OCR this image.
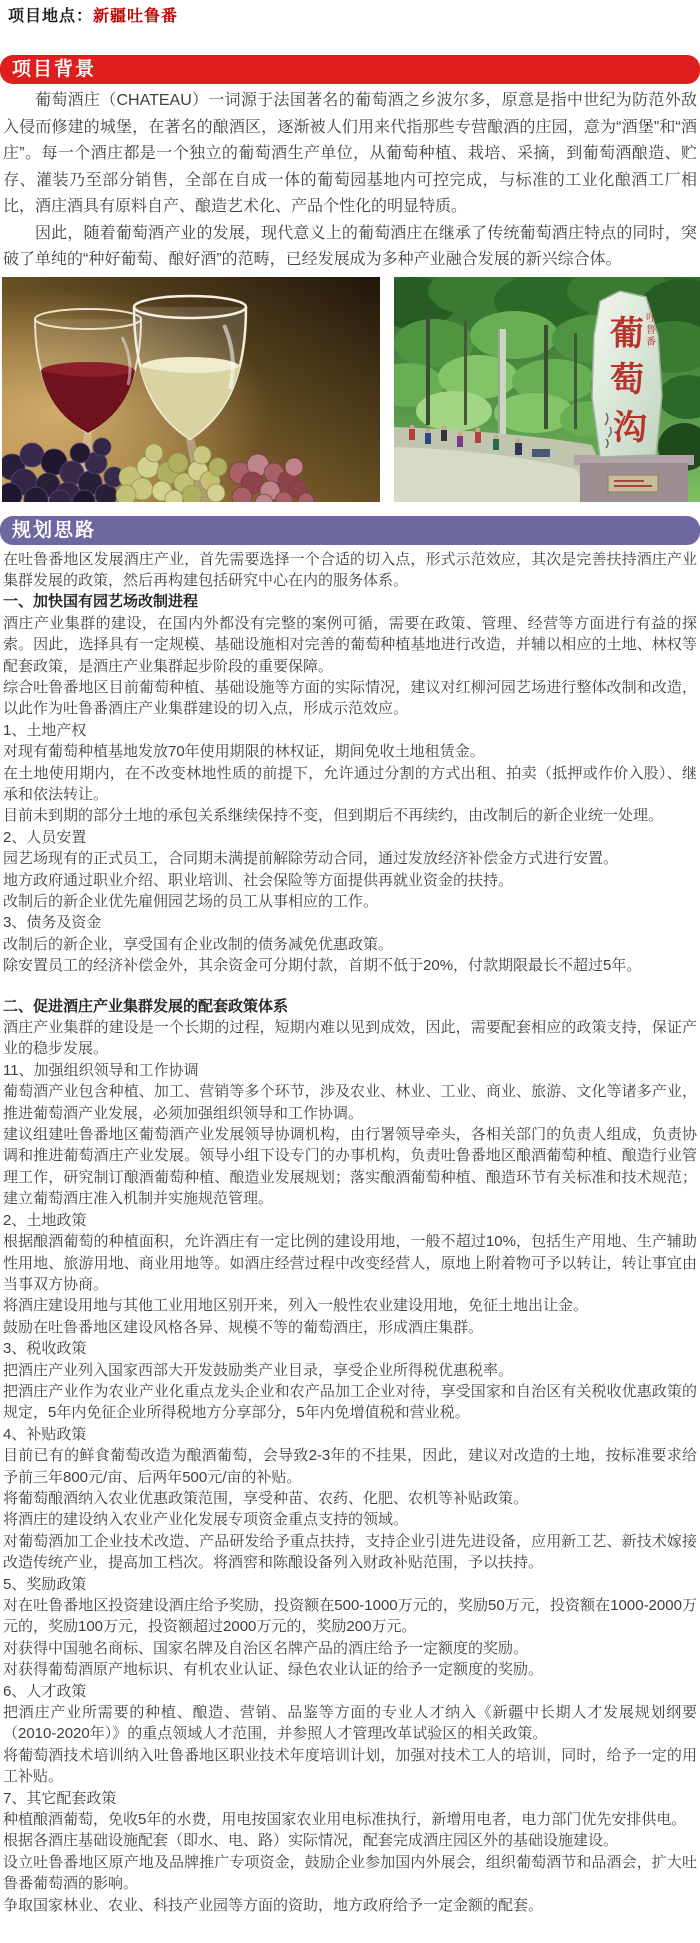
项目地点：新疆吐鲁番
项目背景

葡萄酒庄（CHATEAU）一词源于法国著名的葡萄酒之乡波尔多，原意是指中世纪为防范外敌入侵而修建的城堡，在著名的酿酒区，逐渐被人们用来代指那些专营酿酒的庄园，意为“酒堡”和“酒庄”。每一个酒庄都是一个独立的葡萄酒生产单位，从葡萄种植、栽培、采摘，到葡萄酒酿造、贮存、灌装乃至部分销售，全部在自成一体的葡萄园基地内可控完成，与标准的工业化酿酒工厂相比，酒庄酒具有原料自产、酿造艺术化、产品个性化的明显特质。

因此，随着葡萄酒产业的发展，现代意义上的葡萄酒庄在继承了传统葡萄酒庄特点的同时，突破了单纯的“种好葡萄、酿好酒”的范畴，已经发展成为多种产业融合发展的新兴综合体。

葡
萄
沟
吐
鲁
番
规划思路
在吐鲁番地区发展酒庄产业，首先需要选择一个合适的切入点，形式示范效应，其次是完善扶持酒庄产业集群发展的政策，然后再构建包括研究中心在内的服务体系。
一、加快国有园艺场改制进程
酒庄产业集群的建设，在国内外都没有完整的案例可循，需要在政策、管理、经营等方面进行有益的探索。因此，选择具有一定规模、基础设施相对完善的葡萄种植基地进行改造，并辅以相应的土地、林权等配套政策，是酒庄产业集群起步阶段的重要保障。
综合吐鲁番地区目前葡萄种植、基础设施等方面的实际情况，建议对红柳河园艺场进行整体改制和改造，以此作为吐鲁番酒庄产业集群建设的切入点，形成示范效应。
1、土地产权
对现有葡萄种植基地发放70年使用期限的林权证，期间免收土地租赁金。
在土地使用期内，在不改变林地性质的前提下，允许通过分割的方式出租、拍卖（抵押或作价入股）、继承和依法转让。
目前未到期的部分土地的承包关系继续保持不变，但到期后不再续约，由改制后的新企业统一处理。
2、人员安置
园艺场现有的正式员工，合同期未满提前解除劳动合同，通过发放经济补偿金方式进行安置。
地方政府通过职业介绍、职业培训、社会保险等方面提供再就业资金的扶持。
改制后的新企业优先雇佣园艺场的员工从事相应的工作。
3、债务及资金
改制后的新企业，享受国有企业改制的债务减免优惠政策。
除安置员工的经济补偿金外，其余资金可分期付款，首期不低于20%，付款期限最长不超过5年。
二、促进酒庄产业集群发展的配套政策体系
酒庄产业集群的建设是一个长期的过程，短期内难以见到成效，因此，需要配套相应的政策支持，保证产业的稳步发展。
11、加强组织领导和工作协调
葡萄酒产业包含种植、加工、营销等多个环节，涉及农业、林业、工业、商业、旅游、文化等诸多产业，推进葡萄酒产业发展，必须加强组织领导和工作协调。
建议组建吐鲁番地区葡萄酒产业发展领导协调机构，由行署领导牵头，各相关部门的负责人组成，负责协调和推进葡萄酒庄产业发展。领导小组下设专门的办事机构，负责吐鲁番地区酿酒葡萄种植、酿造行业管理工作，研究制订酿酒葡萄种植、酿造业发展规划；落实酿酒葡萄种植、酿造环节有关标准和技术规范；建立葡萄酒庄准入机制并实施规范管理。
2、土地政策
根据酿酒葡萄的种植面积，允许酒庄有一定比例的建设用地，一般不超过10%，包括生产用地、生产辅助性用地、旅游用地、商业用地等。如酒庄经营过程中改变经营人，原地上附着物可予以转让，转让事宜由当事双方协商。
将酒庄建设用地与其他工业用地区别开来，列入一般性农业建设用地，免征土地出让金。
鼓励在吐鲁番地区建设风格各异、规模不等的葡萄酒庄，形成酒庄集群。
3、税收政策
把酒庄产业列入国家西部大开发鼓励类产业目录，享受企业所得税优惠税率。
把酒庄产业作为农业产业化重点龙头企业和农产品加工企业对待，享受国家和自治区有关税收优惠政策的规定，5年内免征企业所得税地方分享部分，5年内免增值税和营业税。
4、补贴政策
目前已有的鲜食葡萄改造为酿酒葡萄，会导致2-3年的不挂果，因此，建议对改造的土地，按标准要求给予前三年800元/亩、后两年500元/亩的补贴。
将葡萄酿酒纳入农业优惠政策范围，享受种苗、农药、化肥、农机等补贴政策。
将酒庄的建设纳入农业产业化发展专项资金重点支持的领域。
对葡萄酒加工企业技术改造、产品研发给予重点扶持，支持企业引进先进设备，应用新工艺、新技术嫁接改造传统产业，提高加工档次。将酒窖和陈酿设备列入财政补贴范围，予以扶持。
5、奖励政策
对在吐鲁番地区投资建设酒庄给予奖励，投资额在500-1000万元的，奖励50万元，投资额在1000-2000万元的，奖励100万元，投资额超过2000万元的，奖励200万元。
对获得中国驰名商标、国家名牌及自治区名牌产品的酒庄给予一定额度的奖励。
对获得葡萄酒原产地标识、有机农业认证、绿色农业认证的给予一定额度的奖励。
6、人才政策
把酒庄产业所需要的种植、酿造、营销、品鉴等方面的专业人才纳入《新疆中长期人才发展规划纲要（2010-2020年）》的重点领域人才范围，并参照人才管理改革试验区的相关政策。
将葡萄酒技术培训纳入吐鲁番地区职业技术年度培训计划，加强对技术工人的培训，同时，给予一定的用工补贴。
7、其它配套政策
种植酿酒葡萄，免收5年的水费，用电按国家农业用电标准执行，新增用电者，电力部门优先安排供电。
根据各酒庄基础设施配套（即水、电、路）实际情况，配套完成酒庄园区外的基础设施建设。
设立吐鲁番地区原产地及品牌推广专项资金，鼓励企业参加国内外展会，组织葡萄酒节和品酒会，扩大吐鲁番葡萄酒的影响。
争取国家林业、农业、科技产业园等方面的资助，地方政府给予一定金额的配套。
